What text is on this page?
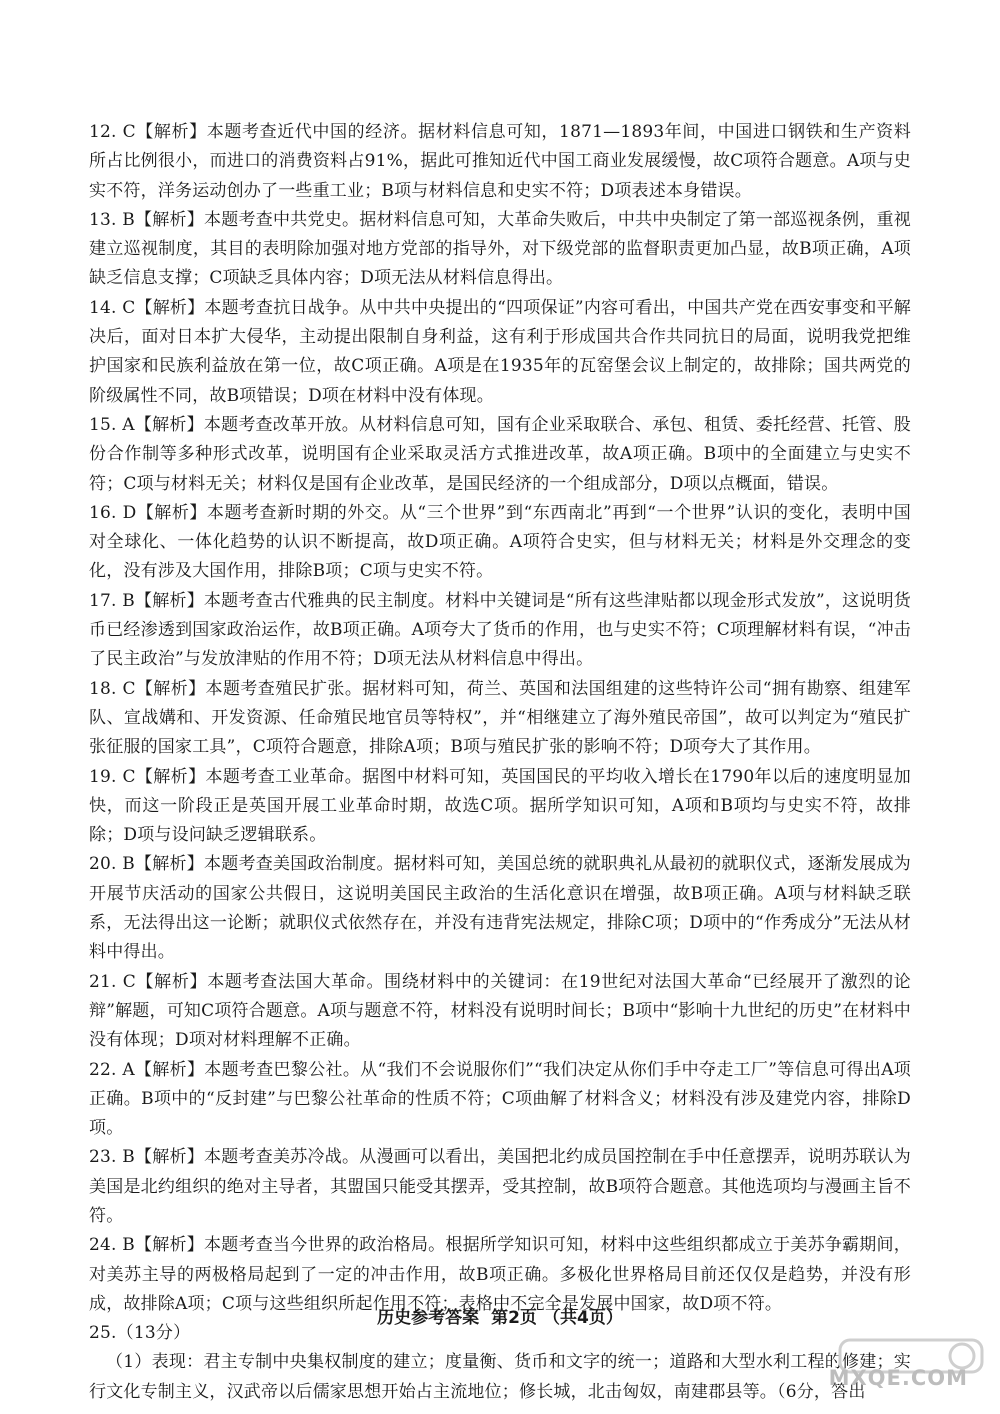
12. C【解析】本题考查近代中国的经济。据材料信息可知，1871—1893年间，中国进口钢铁和生产资料所占比例很小，而进口的消费资料占91%，据此可推知近代中国工商业发展缓慢，故C项符合题意。A项与史实不符，洋务运动创办了一些重工业；B项与材料信息和史实不符；D项表述本身错误。

13. B【解析】本题考查中共党史。据材料信息可知，大革命失败后，中共中央制定了第一部巡视条例，重视建立巡视制度，其目的表明除加强对地方党部的指导外，对下级党部的监督职责更加凸显，故B项正确，A项缺乏信息支撑；C项缺乏具体内容；D项无法从材料信息得出。

14. C【解析】本题考查抗日战争。从中共中央提出的“四项保证”内容可看出，中国共产党在西安事变和平解决后，面对日本扩大侵华，主动提出限制自身利益，这有利于形成国共合作共同抗日的局面，说明我党把维护国家和民族利益放在第一位，故C项正确。A项是在1935年的瓦窑堡会议上制定的，故排除；国共两党的阶级属性不同，故B项错误；D项在材料中没有体现。

15. A【解析】本题考查改革开放。从材料信息可知，国有企业采取联合、承包、租赁、委托经营、托管、股份合作制等多种形式改革，说明国有企业采取灵活方式推进改革，故A项正确。B项中的全面建立与史实不符；C项与材料无关；材料仅是国有企业改革，是国民经济的一个组成部分，D项以点概面，错误。

16. D【解析】本题考查新时期的外交。从“三个世界”到“东西南北”再到“一个世界”认识的变化，表明中国对全球化、一体化趋势的认识不断提高，故D项正确。A项符合史实，但与材料无关；材料是外交理念的变化，没有涉及大国作用，排除B项；C项与史实不符。

17. B【解析】本题考查古代雅典的民主制度。材料中关键词是“所有这些津贴都以现金形式发放”，这说明货币已经渗透到国家政治运作，故B项正确。A项夸大了货币的作用，也与史实不符；C项理解材料有误，“冲击了民主政治”与发放津贴的作用不符；D项无法从材料信息中得出。

18. C【解析】本题考查殖民扩张。据材料可知，荷兰、英国和法国组建的这些特许公司“拥有勘察、组建军队、宣战媾和、开发资源、任命殖民地官员等特权”，并“相继建立了海外殖民帝国”，故可以判定为“殖民扩张征服的国家工具”，C项符合题意，排除A项；B项与殖民扩张的影响不符；D项夸大了其作用。

19. C【解析】本题考查工业革命。据图中材料可知，英国国民的平均收入增长在1790年以后的速度明显加快，而这一阶段正是英国开展工业革命时期，故选C项。据所学知识可知，A项和B项均与史实不符，故排除；D项与设问缺乏逻辑联系。

20. B【解析】本题考查美国政治制度。据材料可知，美国总统的就职典礼从最初的就职仪式，逐渐发展成为开展节庆活动的国家公共假日，这说明美国民主政治的生活化意识在增强，故B项正确。A项与材料缺乏联系，无法得出这一论断；就职仪式依然存在，并没有违背宪法规定，排除C项；D项中的“作秀成分”无法从材料中得出。

21. C【解析】本题考查法国大革命。围绕材料中的关键词：在19世纪对法国大革命“已经展开了激烈的论辩”解题，可知C项符合题意。A项与题意不符，材料没有说明时间长；B项中“影响十九世纪的历史”在材料中没有体现；D项对材料理解不正确。

22. A【解析】本题考查巴黎公社。从“我们不会说服你们”“我们决定从你们手中夺走工厂”等信息可得出A项正确。B项中的“反封建”与巴黎公社革命的性质不符；C项曲解了材料含义；材料没有涉及建党内容，排除D项。

23. B【解析】本题考查美苏冷战。从漫画可以看出，美国把北约成员国控制在手中任意摆弄，说明苏联认为美国是北约组织的绝对主导者，其盟国只能受其摆弄，受其控制，故B项符合题意。其他选项均与漫画主旨不符。

24. B【解析】本题考查当今世界的政治格局。根据所学知识可知，材料中这些组织都成立于美苏争霸期间，对美苏主导的两极格局起到了一定的冲击作用，故B项正确。多极化世界格局目前还仅仅是趋势，并没有形成，故排除A项；C项与这些组织所起作用不符；表格中不完全是发展中国家，故D项不符。

25.（13分）

（1）表现：君主专制中央集权制度的建立；度量衡、货币和文字的统一；道路和大型水利工程的修建；实行文化专制主义，汉武帝以后儒家思想开始占主流地位；修长城，北击匈奴，南建郡县等。（6分，答出

历史参考答案 第2页 （共4页）
MXQE.COM
